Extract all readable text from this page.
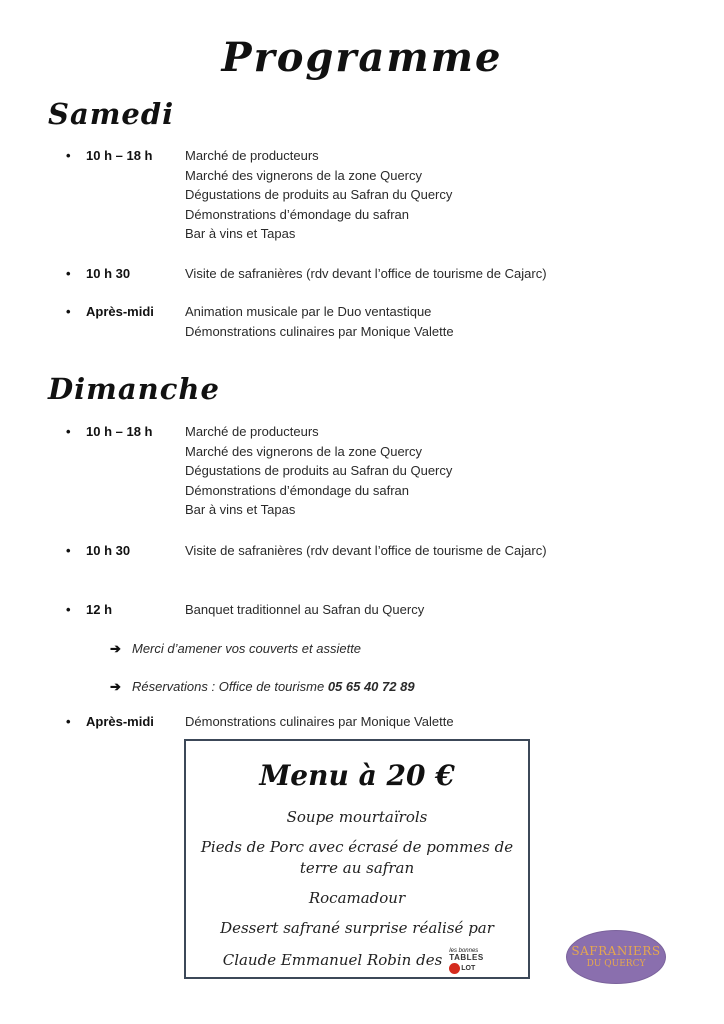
Programme
Samedi
•	10 h – 18 h	Marché de producteurs
Marché des vignerons de la zone Quercy
Dégustations de produits au Safran du Quercy
Démonstrations d’émondage du safran
Bar à vins et Tapas
•	10 h 30	Visite de safranières (rdv devant l’office de tourisme de Cajarc)
•	Après-midi	Animation musicale par le Duo ventastique
Démonstrations culinaires par Monique Valette
Dimanche
•	10 h – 18 h	Marché de producteurs
Marché des vignerons de la zone Quercy
Dégustations de produits au Safran du Quercy
Démonstrations d’émondage du safran
Bar à vins et Tapas
•	10 h 30	Visite de safranières (rdv devant l’office de tourisme de Cajarc)
•	12 h	Banquet traditionnel au Safran du Quercy
➔ Merci d’amener vos couverts et assiette
➔ Réservations : Office de tourisme 05 65 40 72 89
•	Après-midi	Démonstrations culinaires par Monique Valette
Menu à 20 €
Soupe mourtaïrols
Pieds de Porc avec écrasé de pommes de terre au safran
Rocamadour
Dessert safrané surprise réalisé par
Claude Emmanuel Robin des les bonnes
TABLES
LOT
SAFRANIERS
DU QUERCY
